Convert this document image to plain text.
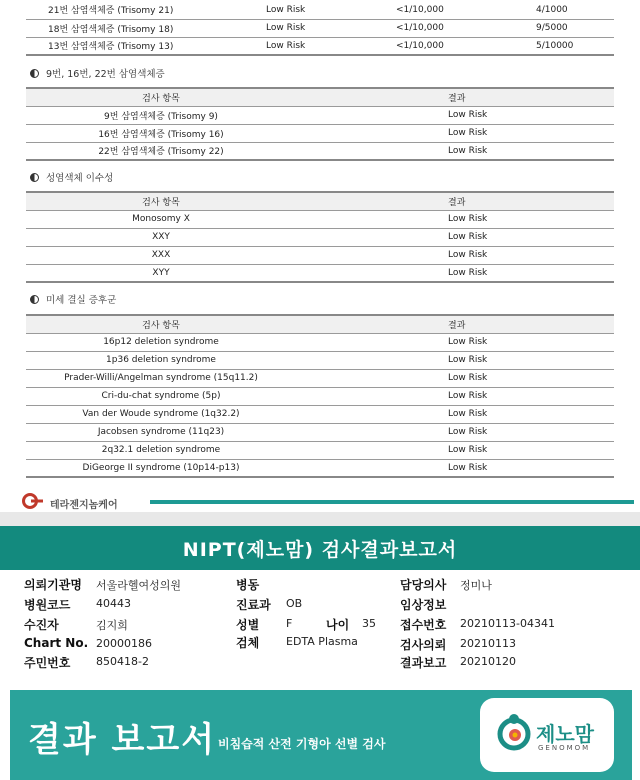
21번 삼염색체증 (Trisomy 21)	Low Risk	<1/10,000	4/1000
18번 삼염색체증 (Trisomy 18)	Low Risk	<1/10,000	9/5000
13번 삼염색체증 (Trisomy 13)	Low Risk	<1/10,000	5/10000
9번, 16번, 22번 삼염색체증
검사 항목	결과
9번 삼염색체증 (Trisomy 9)	Low Risk
16번 삼염색체증 (Trisomy 16)	Low Risk
22번 삼염색체증 (Trisomy 22)	Low Risk
성염색체 이수성
검사 항목	결과
Monosomy X	Low Risk
XXY	Low Risk
XXX	Low Risk
XYY	Low Risk
미세 결실 증후군
검사 항목	결과
16p12 deletion syndrome	Low Risk
1p36 deletion syndrome	Low Risk
Prader-Willi/Angelman syndrome (15q11.2)	Low Risk
Cri-du-chat syndrome (5p)	Low Risk
Van der Woude syndrome (1q32.2)	Low Risk
Jacobsen syndrome (11q23)	Low Risk
2q32.1 deletion syndrome	Low Risk
DiGeorge II syndrome (10p14-p13)	Low Risk
테라젠지놈케어
NIPT(제노맘) 검사결과보고서
의뢰기관명 서울라헬여성의원
병원코드 40443
수진자	김지희
Chart No. 20000186
주민번호 850418-2
병동
진료과 OB
성별 F	나이 35
검체 EDTA Plasma
담당의사 정미나
임상정보
접수번호 20210113-04341
검사의뢰 20210113
결과보고 20210120
결과 보고서 비침습적 산전 기형아 선별 검사	제노맘
GENOMOM
